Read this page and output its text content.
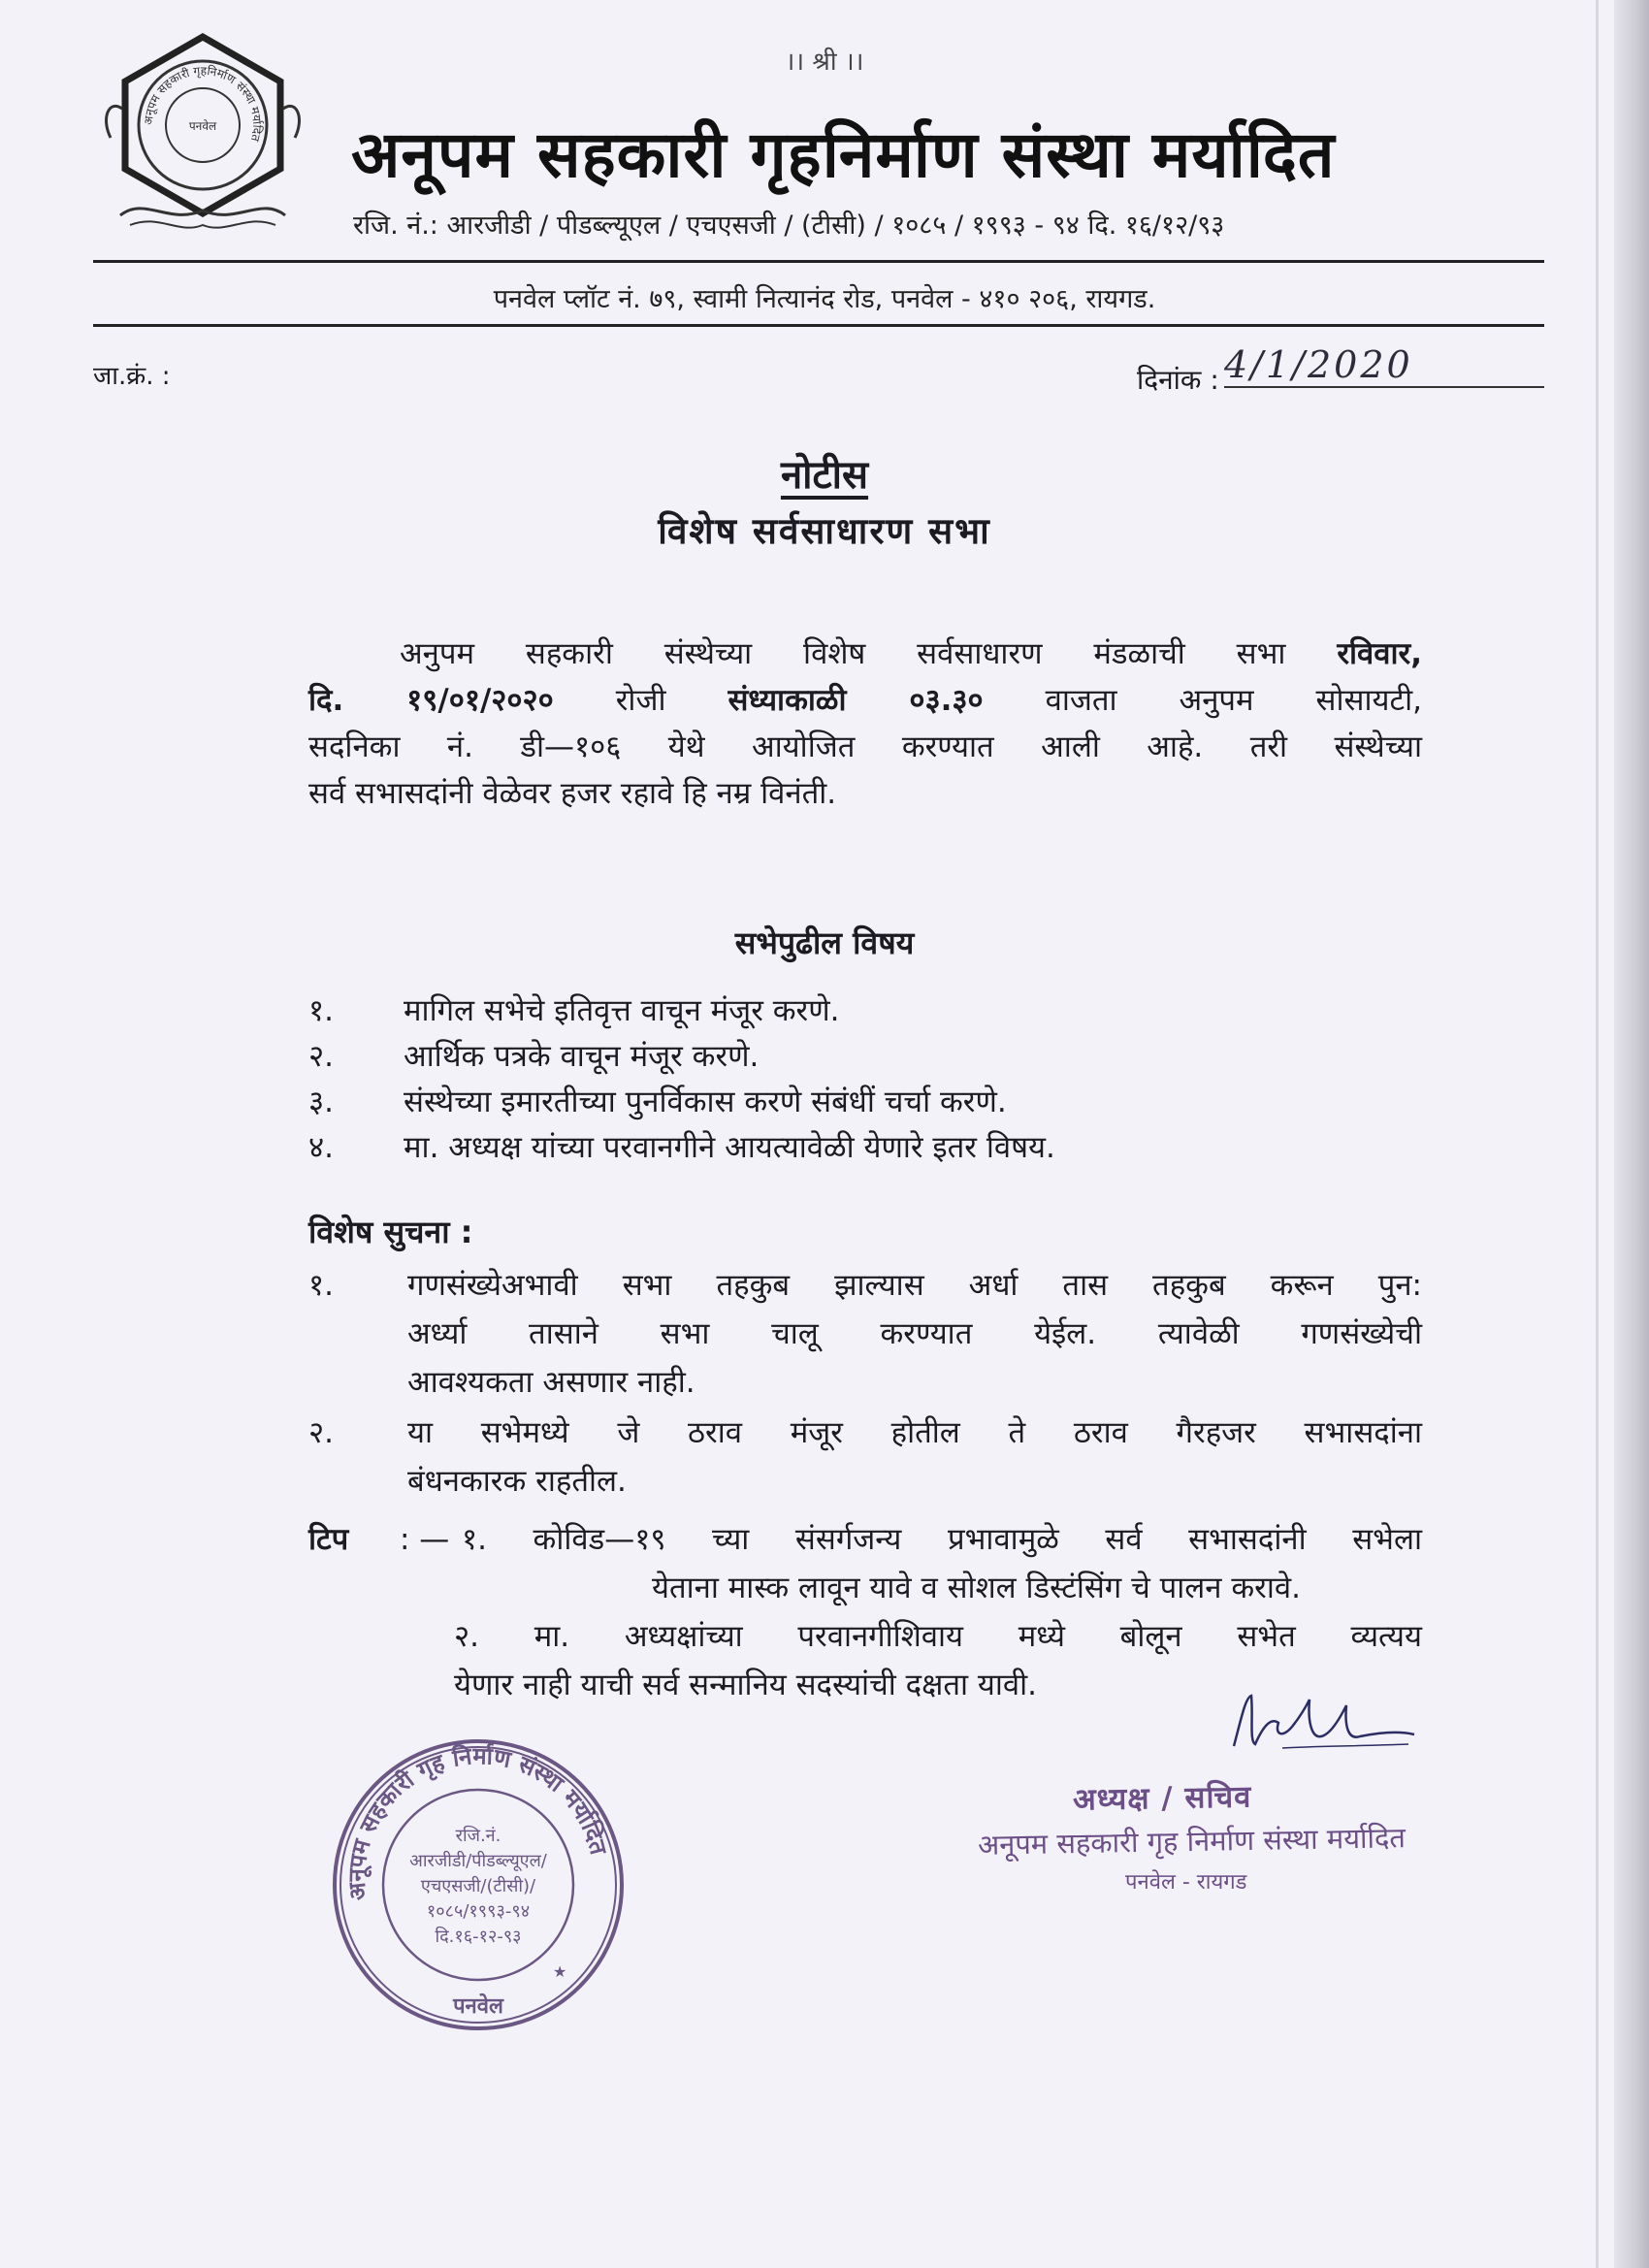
।। श्री ।।
अनूपम सहकारी गृहनिर्माण संस्था मर्यादित
पनवेल अनूपम सहकारी गृहनिर्माण संस्था मर्यादित
रजि. नं.: आरजीडी / पीडब्ल्यूएल / एचएसजी / (टीसी) / १०८५ / १९९३ - ९४ दि. १६/१२/९३
पनवेल प्लॉट नं. ७९, स्वामी नित्यानंद रोड, पनवेल - ४१० २०६, रायगड.
जा.क्रं. :	दिनांक : 4/1/2020
नोटीस
विशेष सर्वसाधारण सभा
अनुपम सहकारी संस्थेच्या विशेष सर्वसाधारण मंडळाची सभा रविवार,
दि. १९/०१/२०२० रोजी संध्याकाळी ०३.३० वाजता अनुपम सोसायटी,
सदनिका नं. डी—१०६ येथे आयोजित करण्यात आली आहे. तरी संस्थेच्या
सर्व सभासदांनी वेळेवर हजर रहावे हि नम्र विनंती.
सभेपुढील विषय
१. मागिल सभेचे इतिवृत्त वाचून मंजूर करणे.
२. आर्थिक पत्रके वाचून मंजूर करणे.
३. संस्थेच्या इमारतीच्या पुनर्विकास करणे संबंधीं चर्चा करणे.
४. मा. अध्यक्ष यांच्या परवानगीने आयत्यावेळी येणारे इतर विषय.
विशेष सुचना :
१. गणसंख्येअभावी सभा तहकुब झाल्यास अर्धा तास तहकुब करून पुन:
अर्ध्या तासाने सभा चालू करण्यात येईल. त्यावेळी गणसंख्येची
आवश्यकता असणार नाही.
२. या सभेमध्ये जे ठराव मंजूर होतील ते ठराव गैरहजर सभासदांना
बंधनकारक राहतील.
टिप : — १. कोविड—१९ च्या संसर्गजन्य प्रभावामुळे सर्व सभासदांनी सभेला
येताना मास्क लावून यावे व सोशल डिस्टंसिंग चे पालन करावे.
२. मा. अध्यक्षांच्या परवानगीशिवाय मध्ये बोलून सभेत व्यत्यय
येणार नाही याची सर्व सन्मानिय सदस्यांची दक्षता यावी.
अध्यक्ष / सचिव
अनूपम सहकारी गृह निर्माण संस्था मर्यादित
पनवेल - रायगड
अनूपम सहकारी गृह निर्माण संस्था मर्यादित
★
रजि.नं.
आरजीडी/पीडब्ल्यूएल/
एचएसजी/(टीसी)/
१०८५/१९९३-९४
दि.१६-१२-९३
पनवेल
